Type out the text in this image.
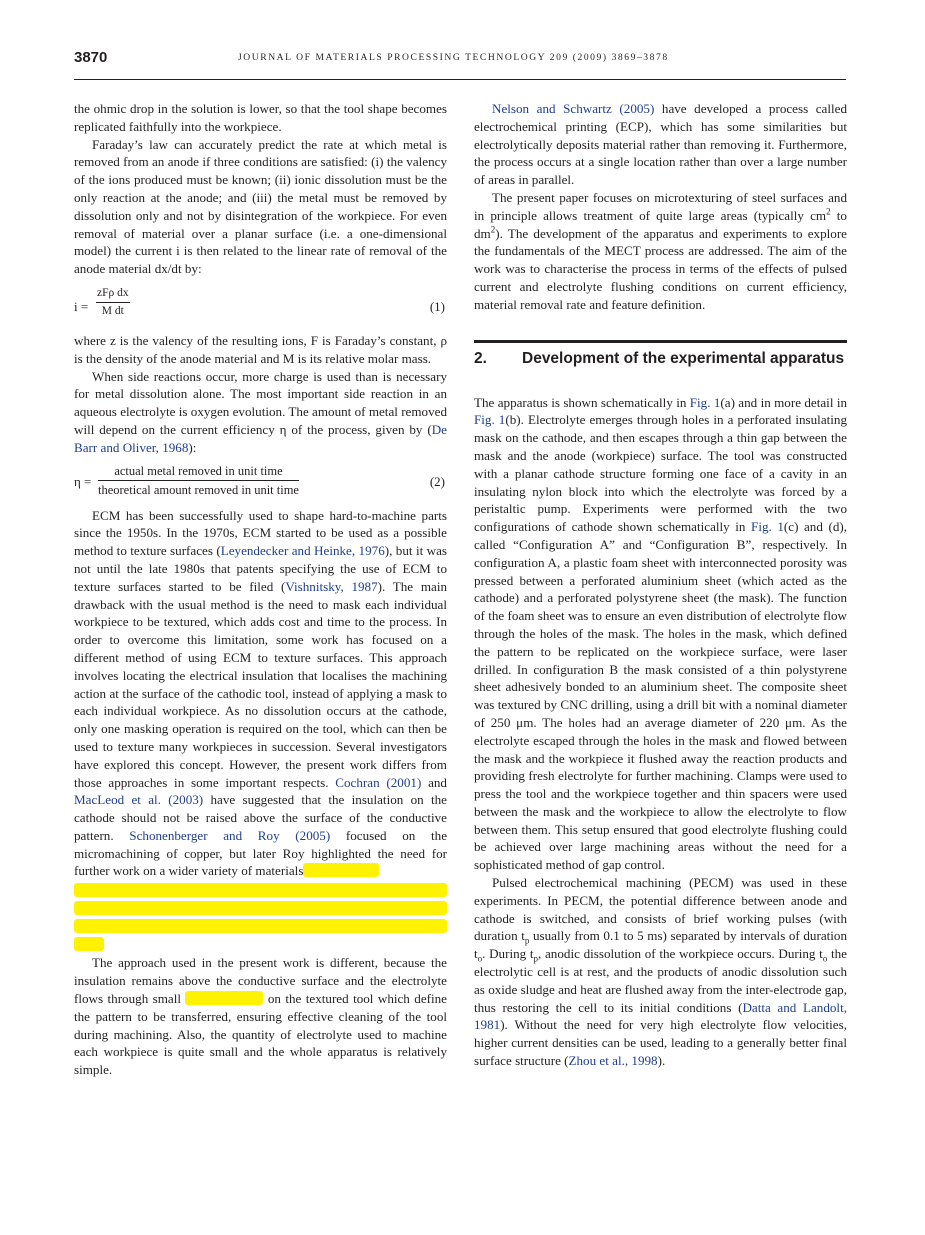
3870	JOURNAL OF MATERIALS PROCESSING TECHNOLOGY 209 (2009) 3869–3878

the ohmic drop in the solution is lower, so that the tool shape becomes replicated faithfully into the workpiece.

Faraday’s law can accurately predict the rate at which metal is removed from an anode if three conditions are satisfied: (i) the valency of the ions produced must be known; (ii) ionic dissolution must be the only reaction at the anode; and (iii) the metal must be removed by dissolution only and not by disintegration of the workpiece. For even removal of material over a planar surface (i.e. a one-dimensional model) the current i is then related to the linear rate of removal of the anode material dx/dt by:

i =
zFρ dx
M dt	(1)

where z is the valency of the resulting ions, F is Faraday’s constant, ρ is the density of the anode material and M is its relative molar mass.

When side reactions occur, more charge is used than is necessary for metal dissolution alone. The most important side reaction in an aqueous electrolyte is oxygen evolution. The amount of metal removed will depend on the current efficiency η of the process, given by (De Barr and Oliver, 1968):

η =
actual metal removed in unit time
theoretical amount removed in unit time
(2)

ECM has been successfully used to shape hard-to-machine parts since the 1950s. In the 1970s, ECM started to be used as a possible method to texture surfaces (Leyendecker and Heinke, 1976), but it was not until the late 1980s that patents specifying the use of ECM to texture surfaces started to be filed (Vishnitsky, 1987). The main drawback with the usual method is the need to mask each individual workpiece to be textured, which adds cost and time to the process. In order to overcome this limitation, some work has focused on a different method of using ECM to texture surfaces. This approach involves locating the electrical insulation that localises the machining action at the surface of the cathodic tool, instead of applying a mask to each individual workpiece. As no dissolution occurs at the cathode, only one masking operation is required on the tool, which can then be used to texture many workpieces in succession. Several investigators have explored this concept. However, the present work differs from those approaches in some important respects. Cochran (2001) and MacLeod et al. (2003) have suggested that the insulation on the cathode should not be raised above the surface of the conductive pattern. Schonenberger and Roy (2005) focused on the micromachining of copper, but later Roy highlighted the need for further work on a wider variety of materials

The approach used in the present work is different, because the insulation remains above the conductive surface and the electrolyte flows through small	on the textured tool which define the pattern to be transferred, ensuring effective cleaning of the tool during machining. Also, the quantity of electrolyte used to machine each workpiece is quite small and the whole apparatus is relatively simple.

Nelson and Schwartz (2005) have developed a process called electrochemical printing (ECP), which has some similarities but electrolytically deposits material rather than removing it. Furthermore, the process occurs at a single location rather than over a large number of areas in parallel.

The present paper focuses on microtexturing of steel surfaces and in principle allows treatment of quite large areas (typically $cm^2$ to $dm^2$). The development of the apparatus and experiments to explore the fundamentals of the MECT process are addressed. The aim of the work was to characterise the process in terms of the effects of pulsed current and electrolyte flushing conditions on current efficiency, material removal rate and feature definition.

2. Development of the experimental apparatus

The apparatus is shown schematically in Fig. 1(a) and in more detail in Fig. 1(b). Electrolyte emerges through holes in a perforated insulating mask on the cathode, and then escapes through a thin gap between the mask and the anode (workpiece) surface. The tool was constructed with a planar cathode structure forming one face of a cavity in an insulating nylon block into which the electrolyte was forced by a peristaltic pump. Experiments were performed with the two configurations of cathode shown schematically in Fig. 1(c) and (d), called “Configuration A” and “Configuration B”, respectively. In configuration A, a plastic foam sheet with interconnected porosity was pressed between a perforated aluminium sheet (which acted as the cathode) and a perforated polystyrene sheet (the mask). The function of the foam sheet was to ensure an even distribution of electrolyte flow through the holes of the mask. The holes in the mask, which defined the pattern to be replicated on the workpiece surface, were laser drilled. In configuration B the mask consisted of a thin polystyrene sheet adhesively bonded to an aluminium sheet. The composite sheet was textured by CNC drilling, using a drill bit with a nominal diameter of 250 μm. The holes had an average diameter of 220 μm. As the electrolyte escaped through the holes in the mask and flowed between the mask and the workpiece it flushed away the reaction products and providing fresh electrolyte for further machining. Clamps were used to press the tool and the workpiece together and thin spacers were used between the mask and the workpiece to allow the electrolyte to flow between them. This setup ensured that good electrolyte flushing could be achieved over large machining areas without the need for a sophisticated method of gap control.

Pulsed electrochemical machining (PECM) was used in these experiments. In PECM, the potential difference between anode and cathode is switched, and consists of brief working pulses (with duration $t_p$ usually from 0.1 to 5 ms) separated by intervals of duration $t_o$. During $t_p$, anodic dissolution of the workpiece occurs. During $t_o$ the electrolytic cell is at rest, and the products of anodic dissolution such as oxide sludge and heat are flushed away from the inter-electrode gap, thus restoring the cell to its initial conditions (Datta and Landolt, 1981). Without the need for very high electrolyte flow velocities, higher current densities can be used, leading to a generally better final surface structure (Zhou et al., 1998).
